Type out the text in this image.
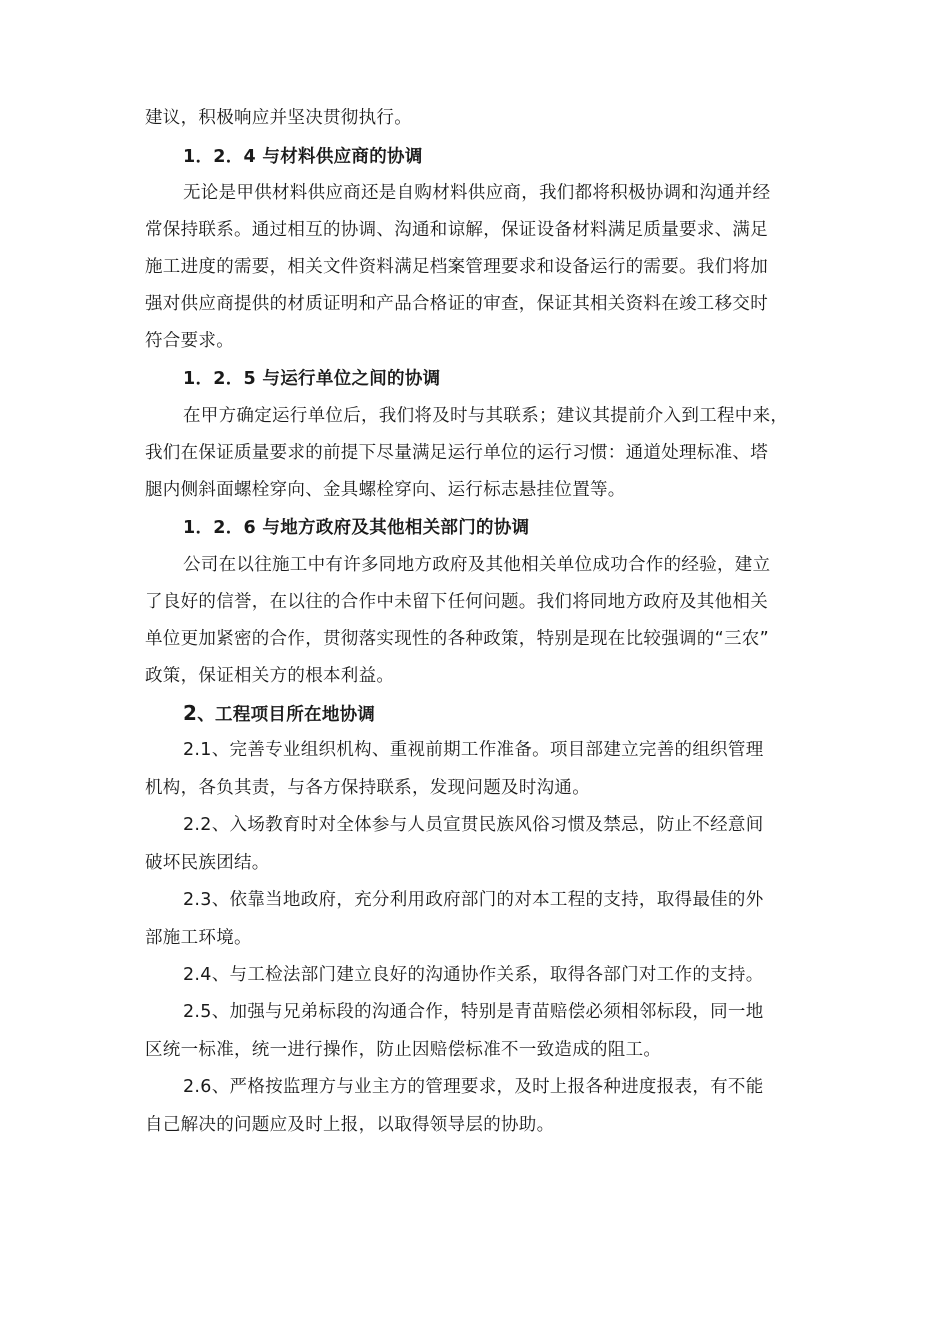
建议，积极响应并坚决贯彻执行。
1．2．4 与材料供应商的协调
无论是甲供材料供应商还是自购材料供应商，我们都将积极协调和沟通并经
常保持联系。通过相互的协调、沟通和谅解，保证设备材料满足质量要求、满足
施工进度的需要，相关文件资料满足档案管理要求和设备运行的需要。我们将加
强对供应商提供的材质证明和产品合格证的审查，保证其相关资料在竣工移交时
符合要求。
1．2．5 与运行单位之间的协调
在甲方确定运行单位后，我们将及时与其联系；建议其提前介入到工程中来，
我们在保证质量要求的前提下尽量满足运行单位的运行习惯：通道处理标准、塔
腿内侧斜面螺栓穿向、金具螺栓穿向、运行标志悬挂位置等。
1．2．6 与地方政府及其他相关部门的协调
公司在以往施工中有许多同地方政府及其他相关单位成功合作的经验，建立
了良好的信誉，在以往的合作中未留下任何问题。我们将同地方政府及其他相关
单位更加紧密的合作，贯彻落实现性的各种政策，特别是现在比较强调的“三农”
政策，保证相关方的根本利益。
2、工程项目所在地协调
2.1、完善专业组织机构、重视前期工作准备。项目部建立完善的组织管理
机构，各负其责，与各方保持联系，发现问题及时沟通。
2.2、入场教育时对全体参与人员宣贯民族风俗习惯及禁忌，防止不经意间
破坏民族团结。
2.3、依靠当地政府，充分利用政府部门的对本工程的支持，取得最佳的外
部施工环境。
2.4、与工检法部门建立良好的沟通协作关系，取得各部门对工作的支持。
2.5、加强与兄弟标段的沟通合作，特别是青苗赔偿必须相邻标段，同一地
区统一标准，统一进行操作，防止因赔偿标准不一致造成的阻工。
2.6、严格按监理方与业主方的管理要求，及时上报各种进度报表，有不能
自己解决的问题应及时上报，以取得领导层的协助。
